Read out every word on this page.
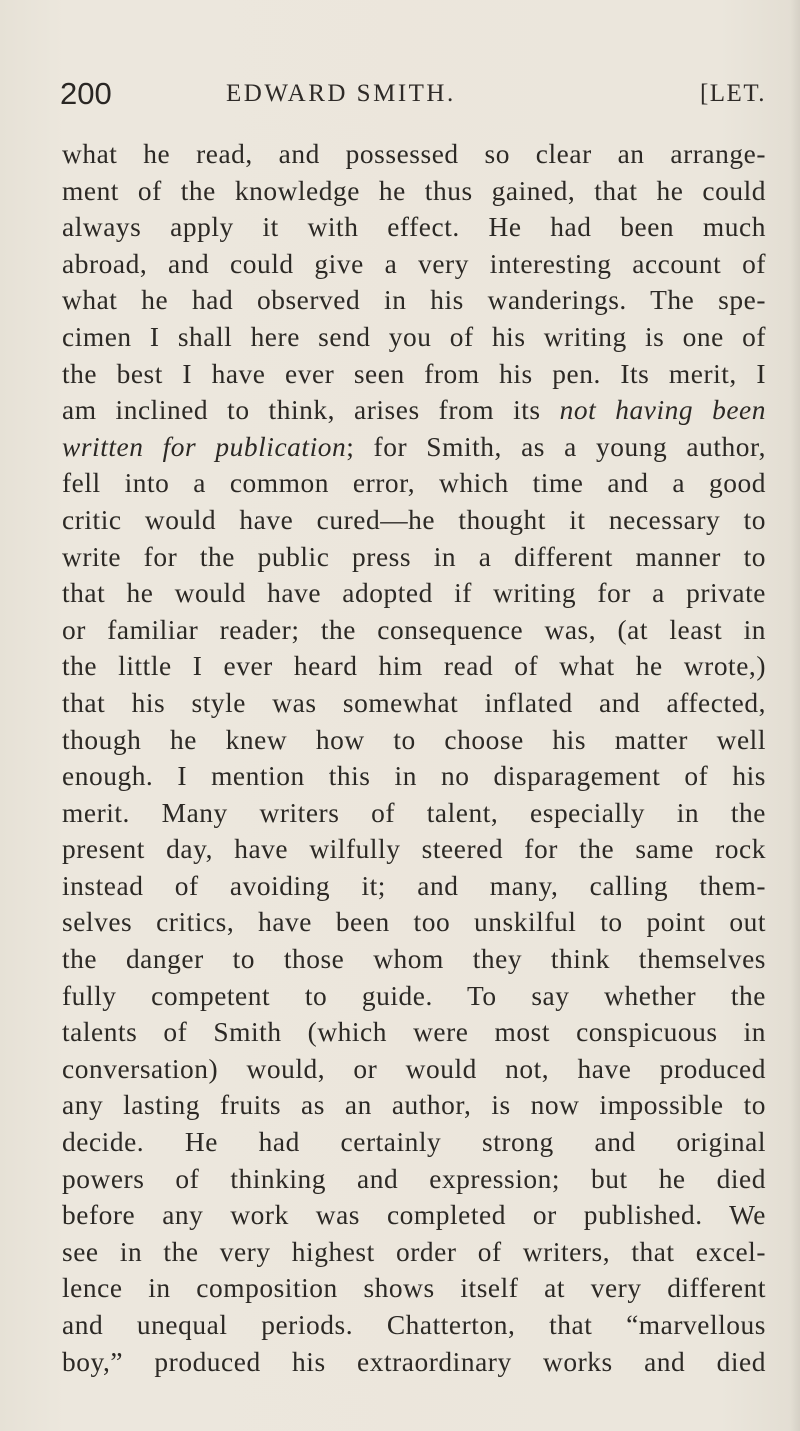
200	EDWARD SMITH.	[LET.
what he read, and possessed so clear an arrange-
ment of the knowledge he thus gained, that he could
always apply it with effect. He had been much
abroad, and could give a very interesting account of
what he had observed in his wanderings. The spe-
cimen I shall here send you of his writing is one of
the best I have ever seen from his pen. Its merit, I
am inclined to think, arises from its not having been
written for publication; for Smith, as a young author,
fell into a common error, which time and a good
critic would have cured—he thought it necessary to
write for the public press in a different manner to
that he would have adopted if writing for a private
or familiar reader; the consequence was, (at least in
the little I ever heard him read of what he wrote,)
that his style was somewhat inflated and affected,
though he knew how to choose his matter well
enough. I mention this in no disparagement of his
merit. Many writers of talent, especially in the
present day, have wilfully steered for the same rock
instead of avoiding it; and many, calling them-
selves critics, have been too unskilful to point out
the danger to those whom they think themselves
fully competent to guide. To say whether the
talents of Smith (which were most conspicuous in
conversation) would, or would not, have produced
any lasting fruits as an author, is now impossible to
decide. He had certainly strong and original
powers of thinking and expression; but he died
before any work was completed or published. We
see in the very highest order of writers, that excel-
lence in composition shows itself at very different
and unequal periods. Chatterton, that “marvellous
boy,” produced his extraordinary works and died
